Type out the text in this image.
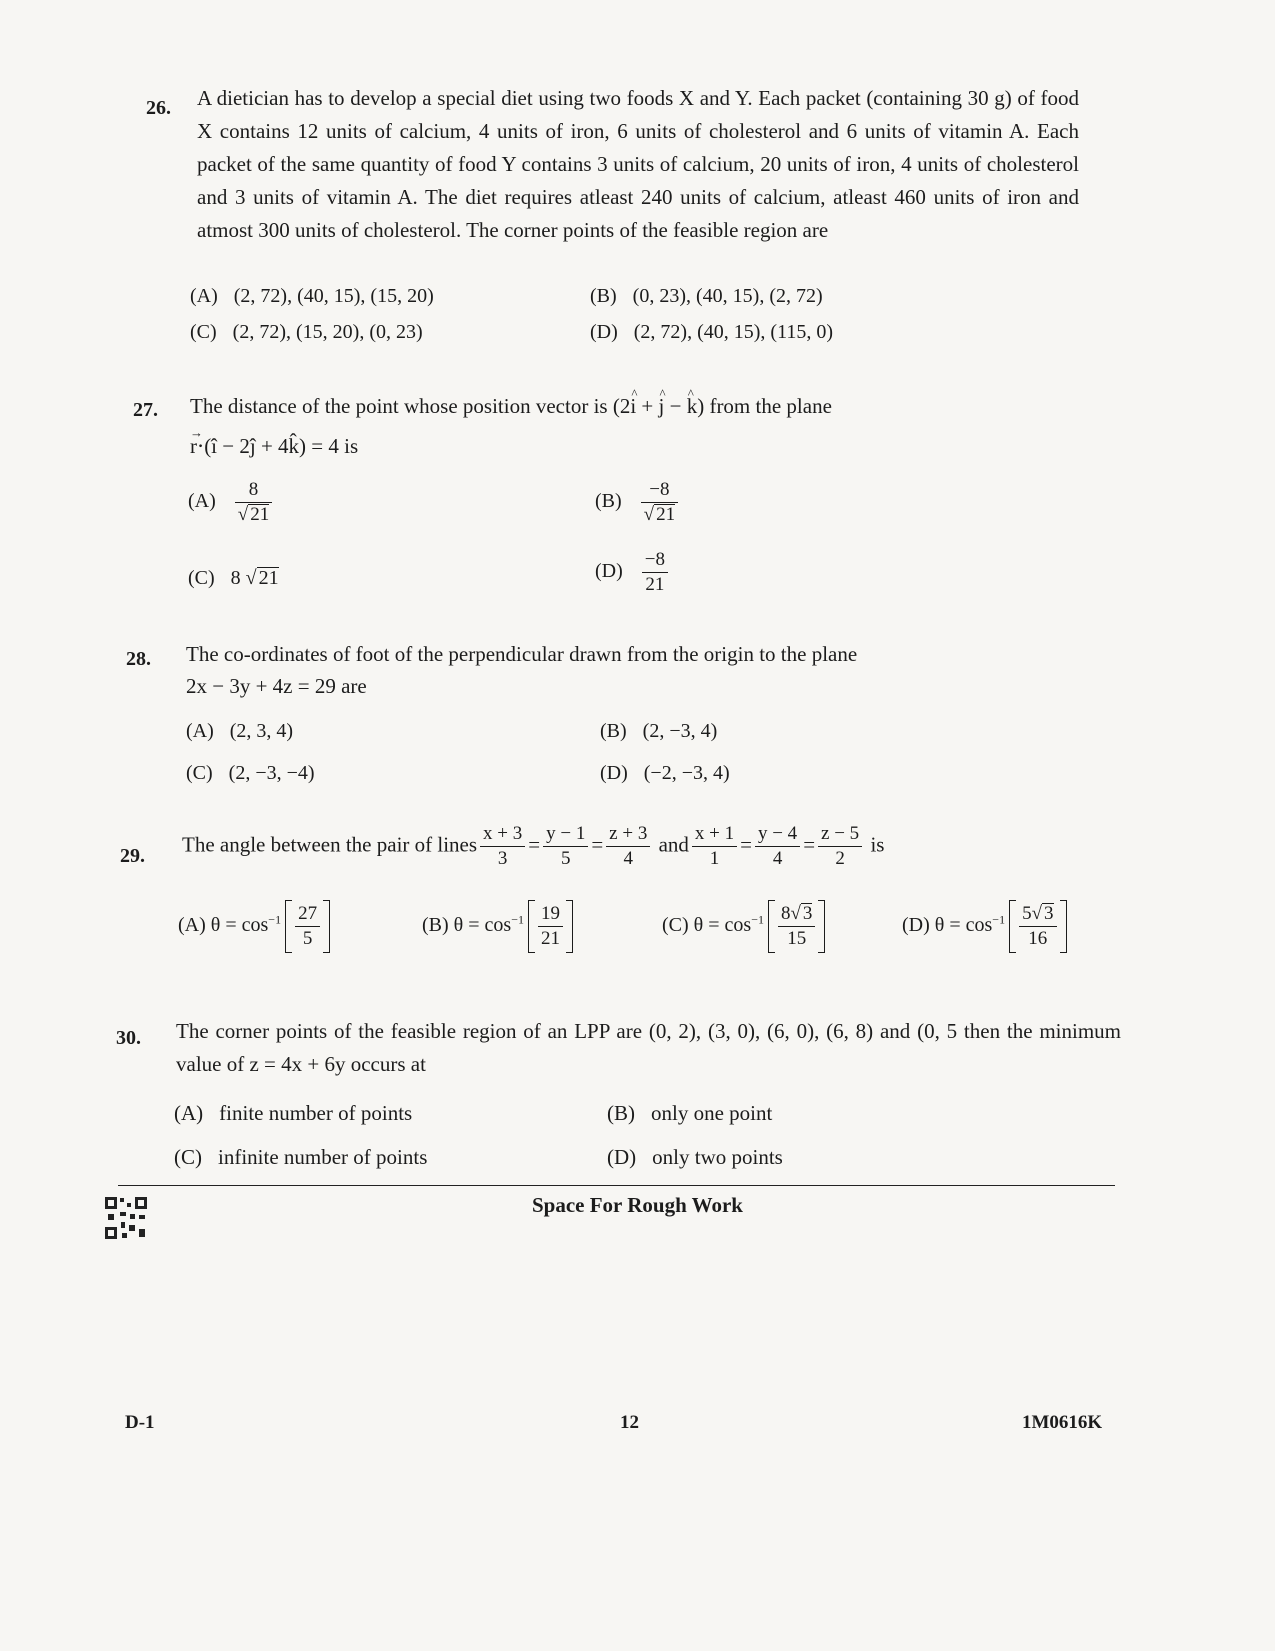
26. A dietician has to develop a special diet using two foods X and Y. Each packet (containing 30 g) of food X contains 12 units of calcium, 4 units of iron, 6 units of cholesterol and 6 units of vitamin A. Each packet of the same quantity of food Y contains 3 units of calcium, 20 units of iron, 4 units of cholesterol and 3 units of vitamin A. The diet requires atleast 240 units of calcium, atleast 460 units of iron and atmost 300 units of cholesterol. The corner points of the feasible region are
(A) (2, 72), (40, 15), (15, 20)	(B) (0, 23), (40, 15), (2, 72)
(C) (2, 72), (15, 20), (0, 23)	(D) (2, 72), (40, 15), (115, 0)
27. The distance of the point whose position vector is (2i ^ + j ^ − k ^) from the plane
r
→
⋅(î − 2ĵ + 4k̂) = 4 is
$(A) \frac{8}{√ 21}$	$(B) \frac{-8}{√ 21}$
(C) 8 √ 21	$(D) \frac{-8}{21}$
28. The co-ordinates of foot of the perpendicular drawn from the origin to the plane
2x − 3y + 4z = 29 are
(A) (2, 3, 4)	(B) (2, −3, 4)
(C) (2, −3, −4)	(D) (−2, −3, 4)
29. The angle between the pair of lines $\frac{x + 3}{3} = \frac{y - 1}{5} = \frac{z + 3}{4}$ and $\frac{x + 1}{1} = \frac{y - 4}{4} = \frac{z - 5}{2}$ is
(A) $\theta = \cos^{-1} \frac{27}{5}$	(B) $\theta = \cos^{-1} \frac{19}{21}$	(C) $\theta = \cos^{-1} \frac{8√ 3}{15}$	(D) $\theta = \cos^{-1} \frac{5√ 3}{16}$
30. The corner points of the feasible region of an LPP are (0, 2), (3, 0), (6, 0), (6, 8) and (0, 5 then the minimum value of z = 4x + 6y occurs at
(A) finite number of points	(B) only one point
(C) infinite number of points	(D) only two points
Space For Rough Work
D-1	12	1M0616K
